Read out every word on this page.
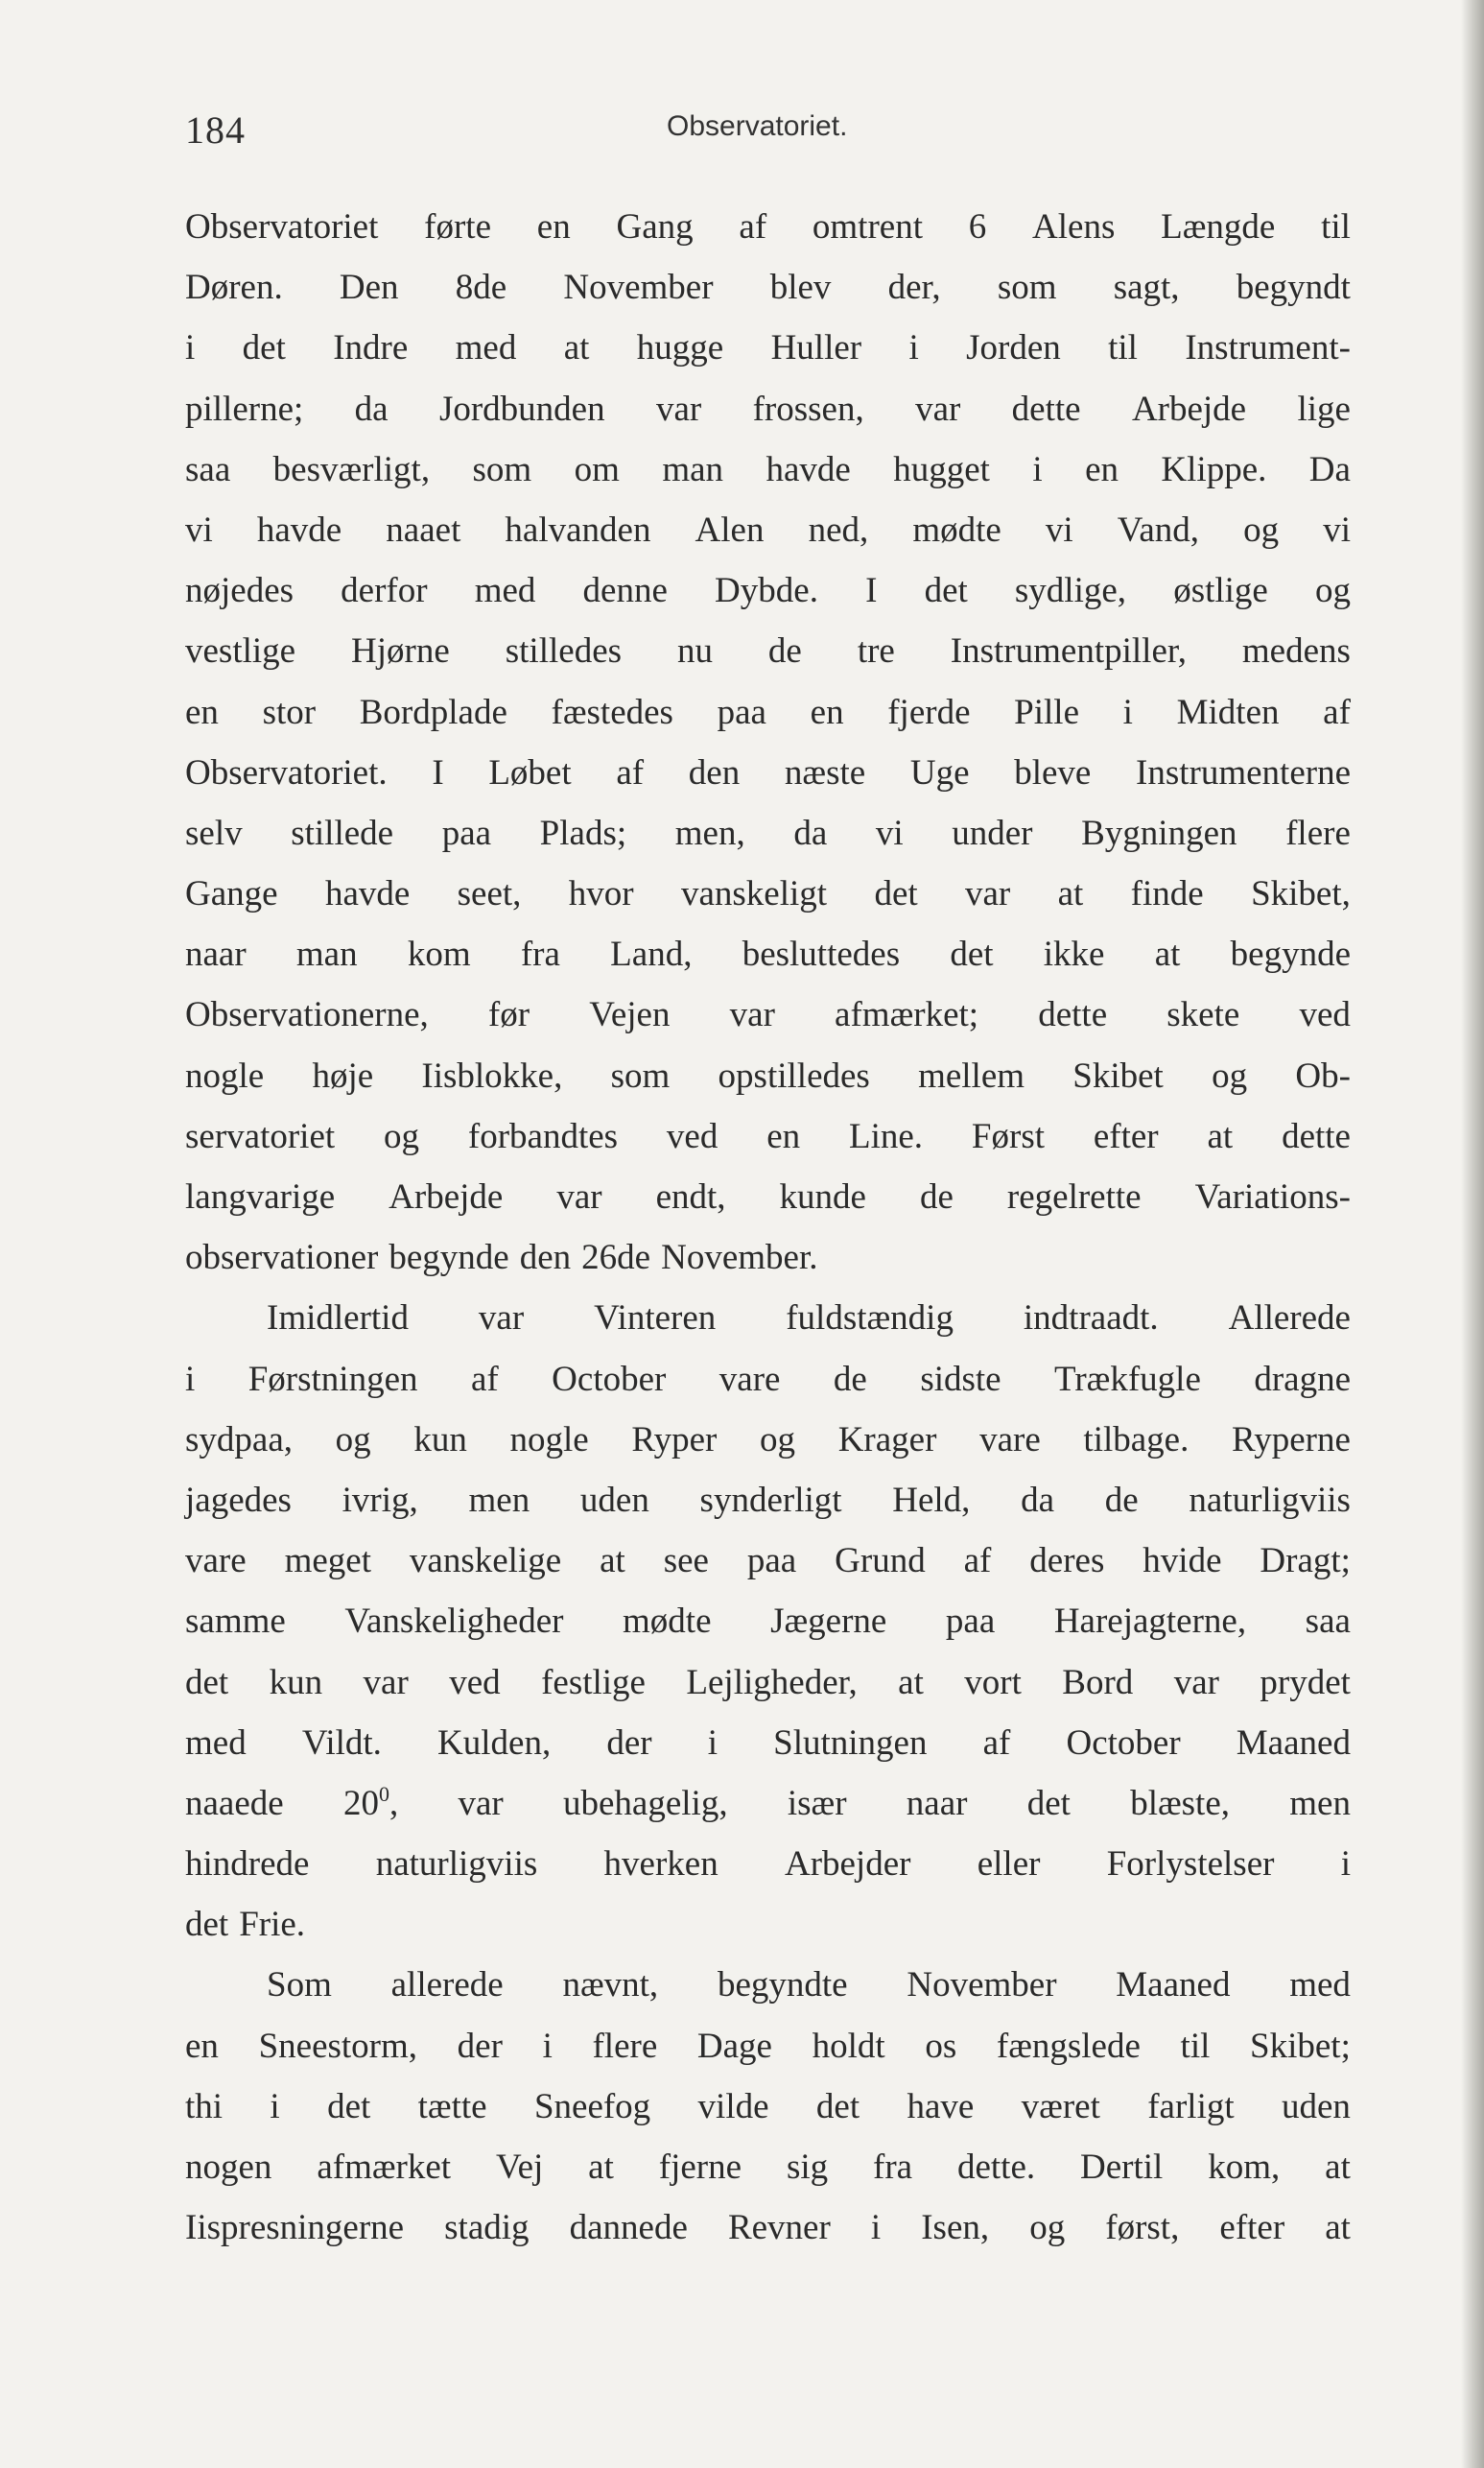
184	Observatoriet.
Observatoriet førte en Gang af omtrent 6 Alens Længde til
Døren. Den 8de November blev der, som sagt, begyndt
i det Indre med at hugge Huller i Jorden til Instrument-
pillerne; da Jordbunden var frossen, var dette Arbejde lige
saa besværligt, som om man havde hugget i en Klippe. Da
vi havde naaet halvanden Alen ned, mødte vi Vand, og vi
nøjedes derfor med denne Dybde. I det sydlige, østlige og
vestlige Hjørne stilledes nu de tre Instrumentpiller, medens
en stor Bordplade fæstedes paa en fjerde Pille i Midten af
Observatoriet. I Løbet af den næste Uge bleve Instrumenterne
selv stillede paa Plads; men, da vi under Bygningen flere
Gange havde seet, hvor vanskeligt det var at finde Skibet,
naar man kom fra Land, besluttedes det ikke at begynde
Observationerne, før Vejen var afmærket; dette skete ved
nogle høje Iisblokke, som opstilledes mellem Skibet og Ob-
servatoriet og forbandtes ved en Line. Først efter at dette
langvarige Arbejde var endt, kunde de regelrette Variations-
observationer begynde den 26de November.
Imidlertid var Vinteren fuldstændig indtraadt. Allerede
i Førstningen af October vare de sidste Trækfugle dragne
sydpaa, og kun nogle Ryper og Krager vare tilbage. Ryperne
jagedes ivrig, men uden synderligt Held, da de naturligviis
vare meget vanskelige at see paa Grund af deres hvide Dragt;
samme Vanskeligheder mødte Jægerne paa Harejagterne, saa
det kun var ved festlige Lejligheder, at vort Bord var prydet
med Vildt. Kulden, der i Slutningen af October Maaned
naaede $20^0$, var ubehagelig, især naar det blæste, men
hindrede naturligviis hverken Arbejder eller Forlystelser i
det Frie.
Som allerede nævnt, begyndte November Maaned med
en Sneestorm, der i flere Dage holdt os fængslede til Skibet;
thi i det tætte Sneefog vilde det have været farligt uden
nogen afmærket Vej at fjerne sig fra dette. Dertil kom, at
Iispresningerne stadig dannede Revner i Isen, og først, efter at
